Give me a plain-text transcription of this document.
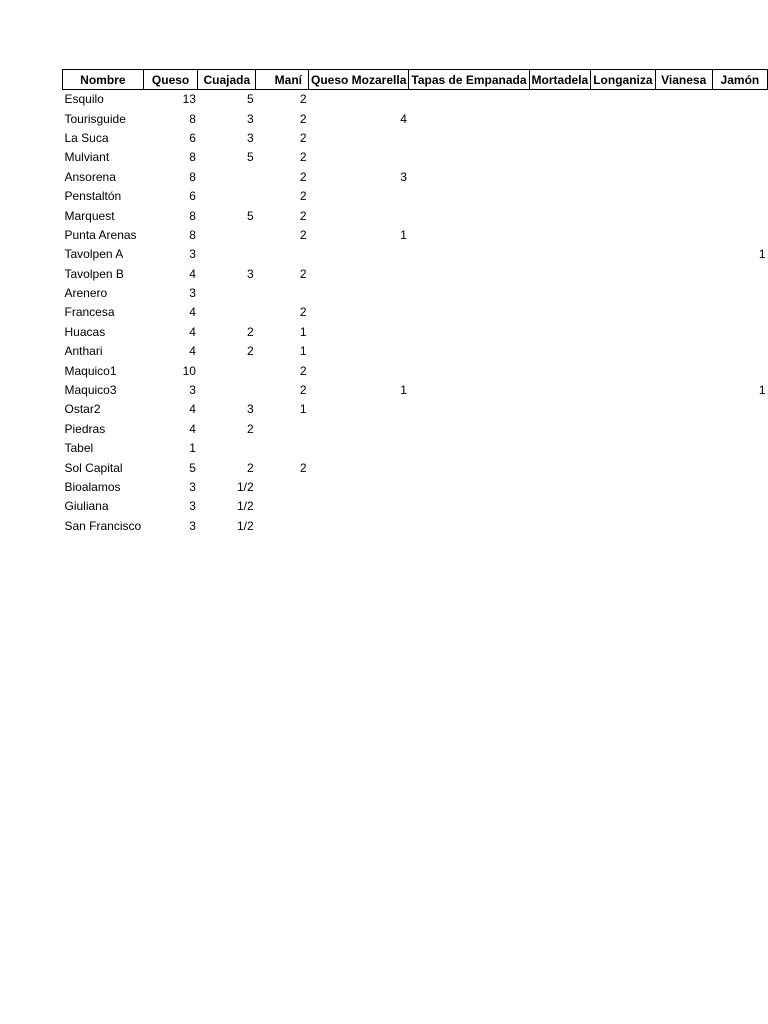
Nombre	Queso	Cuajada	Maní	Queso Mozarella	Tapas de Empanada	Mortadela	Longaniza	Vianesa	Jamón
Esquilo	13	5	2						
Tourisguide	8	3	2	4					
La Suca	6	3	2						
Mulviant	8	5	2						
Ansorena	8		2	3					
Penstaltón	6		2						
Marquest	8	5	2						
Punta Arenas	8		2	1					
Tavolpen A	3								1
Tavolpen B	4	3	2						
Arenero	3								
Francesa	4		2						
Huacas	4	2	1						
Anthari	4	2	1						
Maquico1	10		2						
Maquico3	3		2	1					1
Ostar2	4	3	1						
Piedras	4	2							
Tabel	1								
Sol Capital	5	2	2						
Bioalamos	3	1/2							
Giuliana	3	1/2							
San Francisco	3	1/2							
